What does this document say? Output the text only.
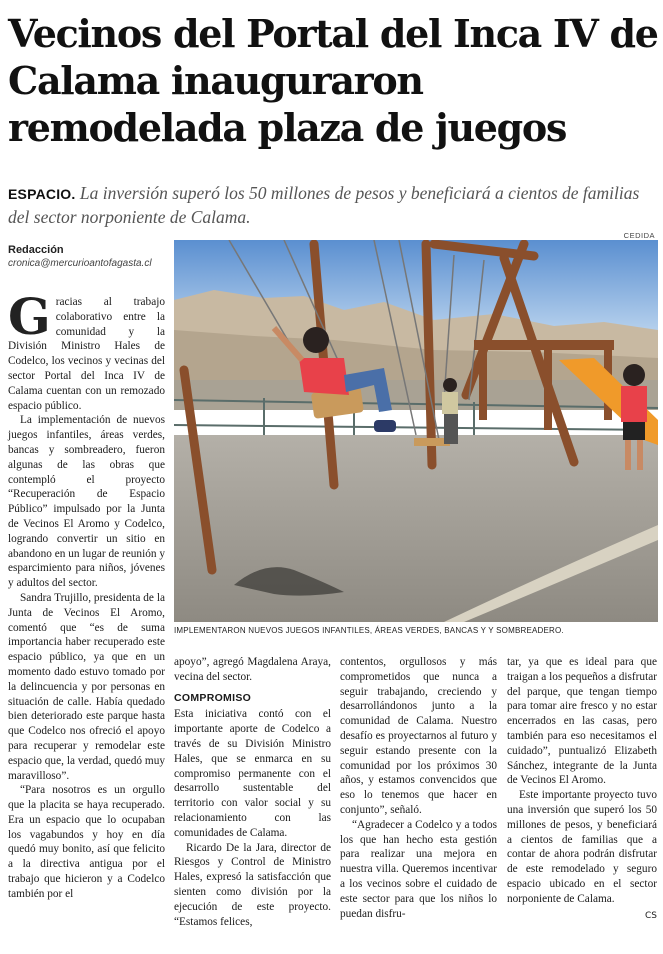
Vecinos del Portal del Inca IV de Calama inauguraron remodelada plaza de juegos
ESPACIO. La inversión superó los 50 millones de pesos y beneficiará a cientos de familias del sector norponiente de Calama.
Redacción
cronica@mercurioantofagasta.cl
CEDIDA
IMPLEMENTARON NUEVOS JUEGOS INFANTILES, ÁREAS VERDES, BANCAS Y Y SOMBREADERO.

Gracias al trabajo colaborativo entre la comunidad y la División Ministro Hales de Codelco, los vecinos y vecinas del sector Portal del Inca IV de Calama cuentan con un remozado espacio público.

La implementación de nuevos juegos infantiles, áreas verdes, bancas y sombreadero, fueron algunas de las obras que contempló el proyecto “Recuperación de Espacio Público” impulsado por la Junta de Vecinos El Aromo y Codelco, logrando convertir un sitio en abandono en un lugar de reunión y esparcimiento para niños, jóvenes y adultos del sector.

Sandra Trujillo, presidenta de la Junta de Vecinos El Aromo, comentó que “es de suma importancia haber recuperado este espacio público, ya que en un momento dado estuvo tomado por la delincuencia y por personas en situación de calle. Había quedado bien deteriorado este parque hasta que Codelco nos ofreció el apoyo para recuperar y remodelar este espacio que, la verdad, quedó muy maravilloso”.

“Para nosotros es un orgullo que la placita se haya recuperado. Era un espacio que lo ocupaban los vagabundos y hoy en día quedó muy bonito, así que felicito a la directiva antigua por el trabajo que hicieron y a Codelco también por el

apoyo”, agregó Magdalena Araya, vecina del sector.

COMPROMISO

Esta iniciativa contó con el importante aporte de Codelco a través de su División Ministro Hales, que se enmarca en su compromiso permanente con el desarrollo sustentable del territorio con valor social y su relacionamiento con las comunidades de Calama.

Ricardo De la Jara, director de Riesgos y Control de Ministro Hales, expresó la satisfacción que sienten como división por la ejecución de este proyecto. “Estamos felices,

contentos, orgullosos y más comprometidos que nunca a seguir trabajando, creciendo y desarrollándonos junto a la comunidad de Calama. Nuestro desafío es proyectarnos al futuro y seguir estando presente con la comunidad por los próximos 30 años, y estamos convencidos que eso lo tenemos que hacer en conjunto”, señaló.

“Agradecer a Codelco y a todos los que han hecho esta gestión para realizar una mejora en nuestra villa. Queremos incentivar a los vecinos sobre el cuidado de este sector para que los niños lo puedan disfru-

tar, ya que es ideal para que traigan a los pequeños a disfrutar del parque, que tengan tiempo para tomar aire fresco y no estar encerrados en las casas, pero también para eso necesitamos el cuidado”, puntualizó Elizabeth Sánchez, integrante de la Junta de Vecinos El Aromo.

Este importante proyecto tuvo una inversión que superó los 50 millones de pesos, y beneficiará a cientos de familias que a contar de ahora podrán disfrutar de este remodelado y seguro espacio ubicado en el sector norponiente de Calama.

CS
